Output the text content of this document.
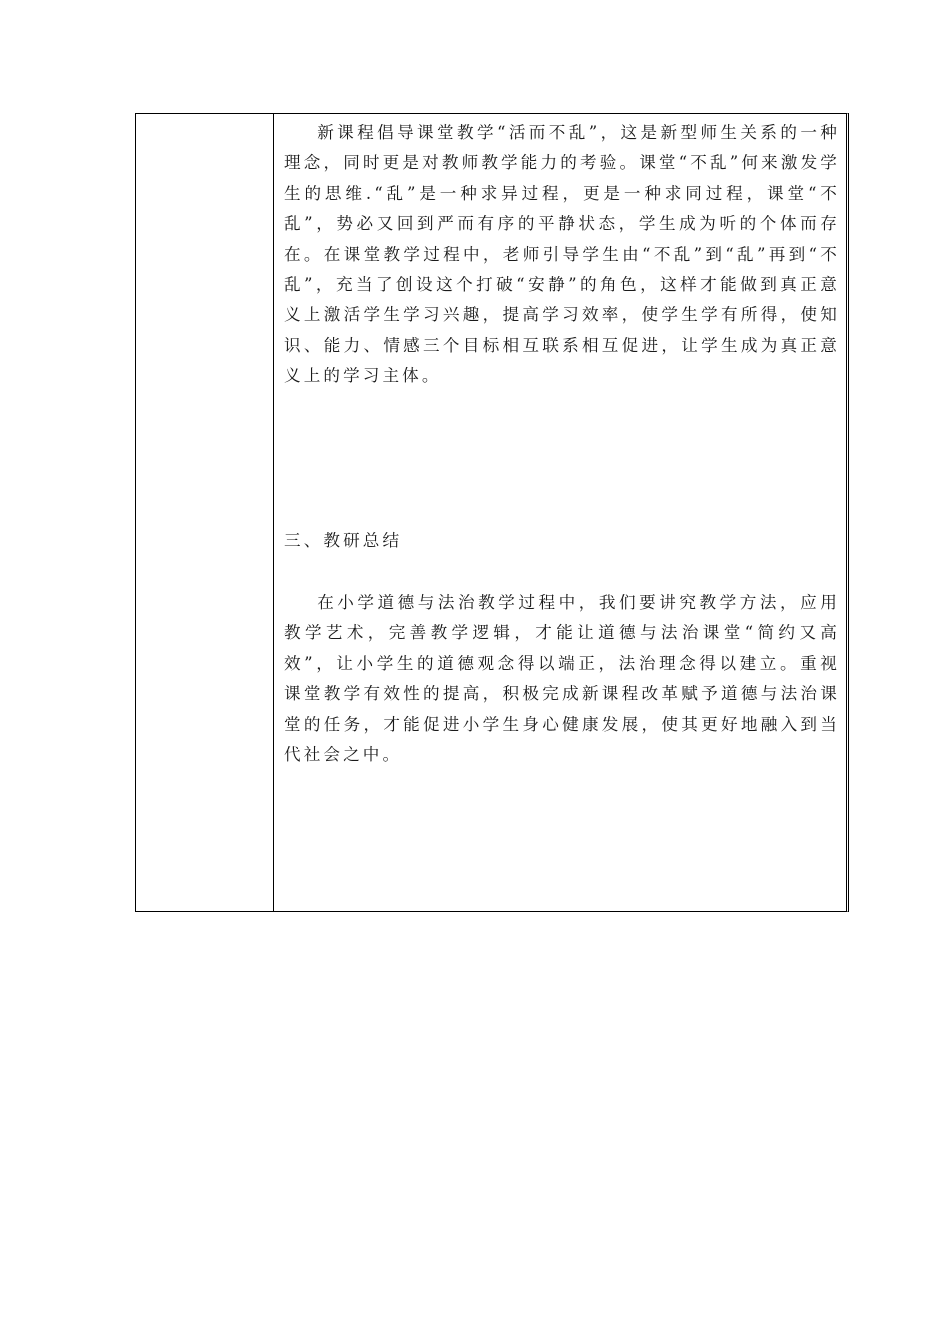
新课程倡导课堂教学“活而不乱”，这是新型师生关系的一种理念，同时更是对教师教学能力的考验。课堂“不乱”何来激发学生的思维.“乱”是一种求异过程，更是一种求同过程，课堂“不乱”，势必又回到严而有序的平静状态，学生成为听的个体而存在。在课堂教学过程中，老师引导学生由“不乱”到“乱”再到“不乱”，充当了创设这个打破“安静”的角色，这样才能做到真正意义上激活学生学习兴趣，提高学习效率，使学生学有所得，使知识、能力、情感三个目标相互联系相互促进，让学生成为真正意义上的学习主体。

三、教研总结

在小学道德与法治教学过程中，我们要讲究教学方法，应用教学艺术，完善教学逻辑，才能让道德与法治课堂“简约又高效”，让小学生的道德观念得以端正，法治理念得以建立。重视课堂教学有效性的提高，积极完成新课程改革赋予道德与法治课堂的任务，才能促进小学生身心健康发展，使其更好地融入到当代社会之中。
